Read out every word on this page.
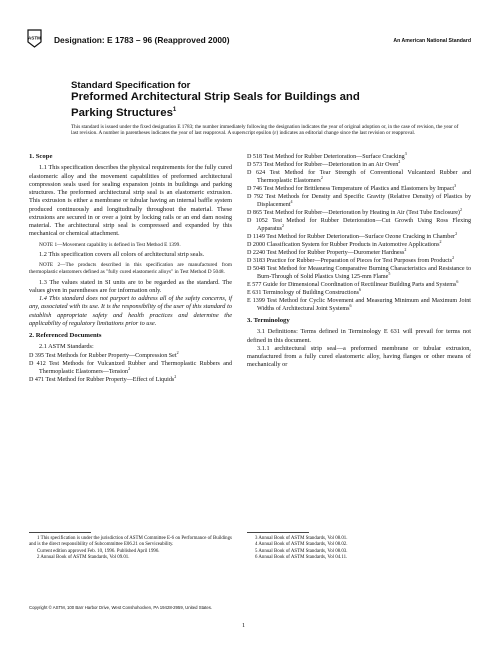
ASTM Designation: E 1783 – 96 (Reapproved 2000)	An American National Standard
Standard Specification for
Preformed Architectural Strip Seals for Buildings and
Parking Structures$^1$
This standard is issued under the fixed designation E 1783; the number immediately following the designation indicates the year of original adoption or, in the case of revision, the year of last revision. A number in parentheses indicates the year of last reapproval. A superscript epsilon (ε) indicates an editorial change since the last revision or reapproval.

1. Scope

1.1 This specification describes the physical requirements for the fully cured elastomeric alloy and the movement capabilities of preformed architectural compression seals used for sealing expansion joints in buildings and parking structures. The preformed architectural strip seal is an elastomeric extrusion. This extrusion is either a membrane or tubular having an internal baffle system produced continuously and longitudinally throughout the material. These extrusions are secured in or over a joint by locking rails or an end dam nosing material. The architectural strip seal is compressed and expanded by this mechanical or chemical attachment.

NOTE 1—Movement capability is defined in Test Method E 1399.

1.2 This specification covers all colors of architectural strip seals.

NOTE 2—The products described in this specification are manufactured from thermoplastic elastomers defined as "fully cured elastomeric alloys" in Test Method D 5048.

1.3 The values stated in SI units are to be regarded as the standard. The values given in parentheses are for information only.

1.4 This standard does not purport to address all of the safety concerns, if any, associated with its use. It is the responsibility of the user of this standard to establish appropriate safety and health practices and determine the applicability of regulatory limitations prior to use.

2. Referenced Documents

2.1 ASTM Standards:

D 395 Test Methods for Rubber Property—Compression Set$^2$

D 412 Test Methods for Vulcanized Rubber and Thermoplastic Rubbers and Thermoplastic Elastomers—Tension$^2$

D 471 Test Method for Rubber Property—Effect of Liquids$^2$

D 518 Test Method for Rubber Deterioration—Surface Cracking$^3$

D 573 Test Method for Rubber—Deterioration in an Air Oven$^2$

D 624 Test Method for Tear Strength of Conventional Vulcanized Rubber and Thermoplastic Elastomers$^2$

D 746 Test Method for Brittleness Temperature of Plastics and Elastomers by Impact$^3$

D 792 Test Methods for Density and Specific Gravity (Relative Density) of Plastics by Displacement$^4$

D 865 Test Method for Rubber—Deterioration by Heating in Air (Test Tube Enclosure)$^2$

D 1052 Test Method for Rubber Deterioration—Cut Growth Using Ross Flexing Apparatus$^2$

D 1149 Test Method for Rubber Deterioration—Surface Ozone Cracking in Chamber$^2$

D 2000 Classification System for Rubber Products in Automotive Applications$^2$

D 2240 Test Method for Rubber Property—Durometer Hardness$^2$

D 3183 Practice for Rubber—Preparation of Pieces for Test Purposes from Products$^2$

D 5048 Test Method for Measuring Comparative Burning Characteristics and Resistance to Burn-Through of Solid Plastics Using 125-mm Flame$^5$

E 577 Guide for Dimensional Coordination of Rectilinear Building Parts and Systems$^6$

E 631 Terminology of Building Constructions$^6$

E 1399 Test Method for Cyclic Movement and Measuring Minimum and Maximum Joint Widths of Architectural Joint Systems$^6$

3. Terminology

3.1 Definitions: Terms defined in Terminology E 631 will prevail for terms not defined in this document.

3.1.1 architectural strip seal—a preformed membrane or tubular extrusion, manufactured from a fully cured elastomeric alloy, having flanges or other means of mechanically or

1 This specification is under the jurisdiction of ASTM Committee E-6 on Performance of Buildings and is the direct responsibility of Subcommittee E06.21 on Serviceability.

Current edition approved Feb. 10, 1996. Published April 1996.

2 Annual Book of ASTM Standards, Vol 09.01.

3 Annual Book of ASTM Standards, Vol 08.01.

4 Annual Book of ASTM Standards, Vol 08.02.

5 Annual Book of ASTM Standards, Vol 08.03.

6 Annual Book of ASTM Standards, Vol 04.11.

Copyright © ASTM, 100 Barr Harbor Drive, West Conshohocken, PA 19428-2959, United States.
1
